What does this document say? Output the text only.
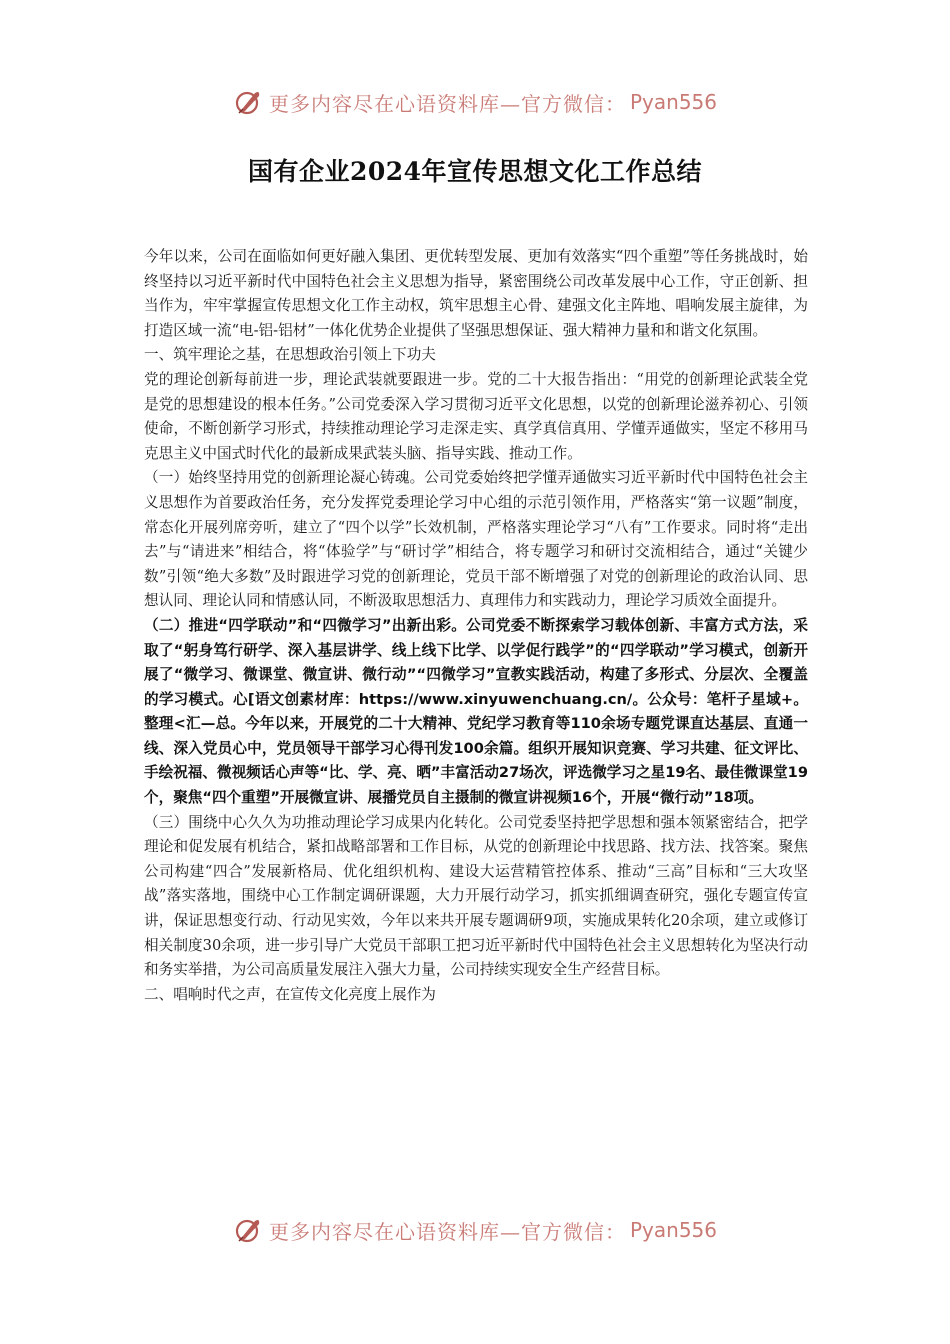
更多内容尽在心语资料库—官方微信： Pyan556
国有企业2024年宣传思想文化工作总结

今年以来，公司在面临如何更好融入集团、更优转型发展、更加有效落实“四个重塑”等任务挑战时，始终坚持以习近平新时代中国特色社会主义思想为指导，紧密围绕公司改革发展中心工作，守正创新、担当作为，牢牢掌握宣传思想文化工作主动权，筑牢思想主心骨、建强文化主阵地、唱响发展主旋律，为打造区域一流“电-铝-铝材”一体化优势企业提供了坚强思想保证、强大精神力量和和谐文化氛围。

一、筑牢理论之基，在思想政治引领上下功夫

党的理论创新每前进一步，理论武装就要跟进一步。党的二十大报告指出：“用党的创新理论武装全党是党的思想建设的根本任务。”公司党委深入学习贯彻习近平文化思想，以党的创新理论滋养初心、引领使命，不断创新学习形式，持续推动理论学习走深走实、真学真信真用、学懂弄通做实，坚定不移用马克思主义中国式时代化的最新成果武装头脑、指导实践、推动工作。

（一）始终坚持用党的创新理论凝心铸魂。公司党委始终把学懂弄通做实习近平新时代中国特色社会主义思想作为首要政治任务，充分发挥党委理论学习中心组的示范引领作用，严格落实“第一议题”制度，常态化开展列席旁听，建立了“四个以学”长效机制，严格落实理论学习“八有”工作要求。同时将“走出去”与“请进来”相结合，将“体验学”与“研讨学”相结合，将专题学习和研讨交流相结合，通过“关键少数”引领“绝大多数”及时跟进学习党的创新理论，党员干部不断增强了对党的创新理论的政治认同、思想认同、理论认同和情感认同，不断汲取思想活力、真理伟力和实践动力，理论学习质效全面提升。

（二）推进“四学联动”和“四微学习”出新出彩。公司党委不断探索学习载体创新、丰富方式方法，采取了“躬身笃行研学、深入基层讲学、线上线下比学、以学促行践学”的“四学联动”学习模式，创新开展了“微学习、微课堂、微宣讲、微行动”“四微学习”宣教实践活动，构建了多形式、分层次、全覆盖的学习模式。心[语文创素材库：https://www.xinyuwenchuang.cn/。公众号：笔杆子星域+。整理<汇—总。今年以来，开展党的二十大精神、党纪学习教育等110余场专题党课直达基层、直通一线、深入党员心中，党员领导干部学习心得刊发100余篇。组织开展知识竞赛、学习共建、征文评比、手绘祝福、微视频话心声等“比、学、亮、晒”丰富活动27场次，评选微学习之星19名、最佳微课堂19个，聚焦“四个重塑”开展微宣讲、展播党员自主摄制的微宣讲视频16个，开展“微行动”18项。

（三）围绕中心久久为功推动理论学习成果内化转化。公司党委坚持把学思想和强本领紧密结合，把学理论和促发展有机结合，紧扣战略部署和工作目标，从党的创新理论中找思路、找方法、找答案。聚焦公司构建“四合”发展新格局、优化组织机构、建设大运营精管控体系、推动“三高”目标和“三大攻坚战”落实落地，围绕中心工作制定调研课题，大力开展行动学习，抓实抓细调查研究，强化专题宣传宣讲，保证思想变行动、行动见实效，今年以来共开展专题调研9项，实施成果转化20余项，建立或修订相关制度30余项，进一步引导广大党员干部职工把习近平新时代中国特色社会主义思想转化为坚决行动和务实举措，为公司高质量发展注入强大力量，公司持续实现安全生产经营目标。

二、唱响时代之声，在宣传文化亮度上展作为

更多内容尽在心语资料库—官方微信： Pyan556
